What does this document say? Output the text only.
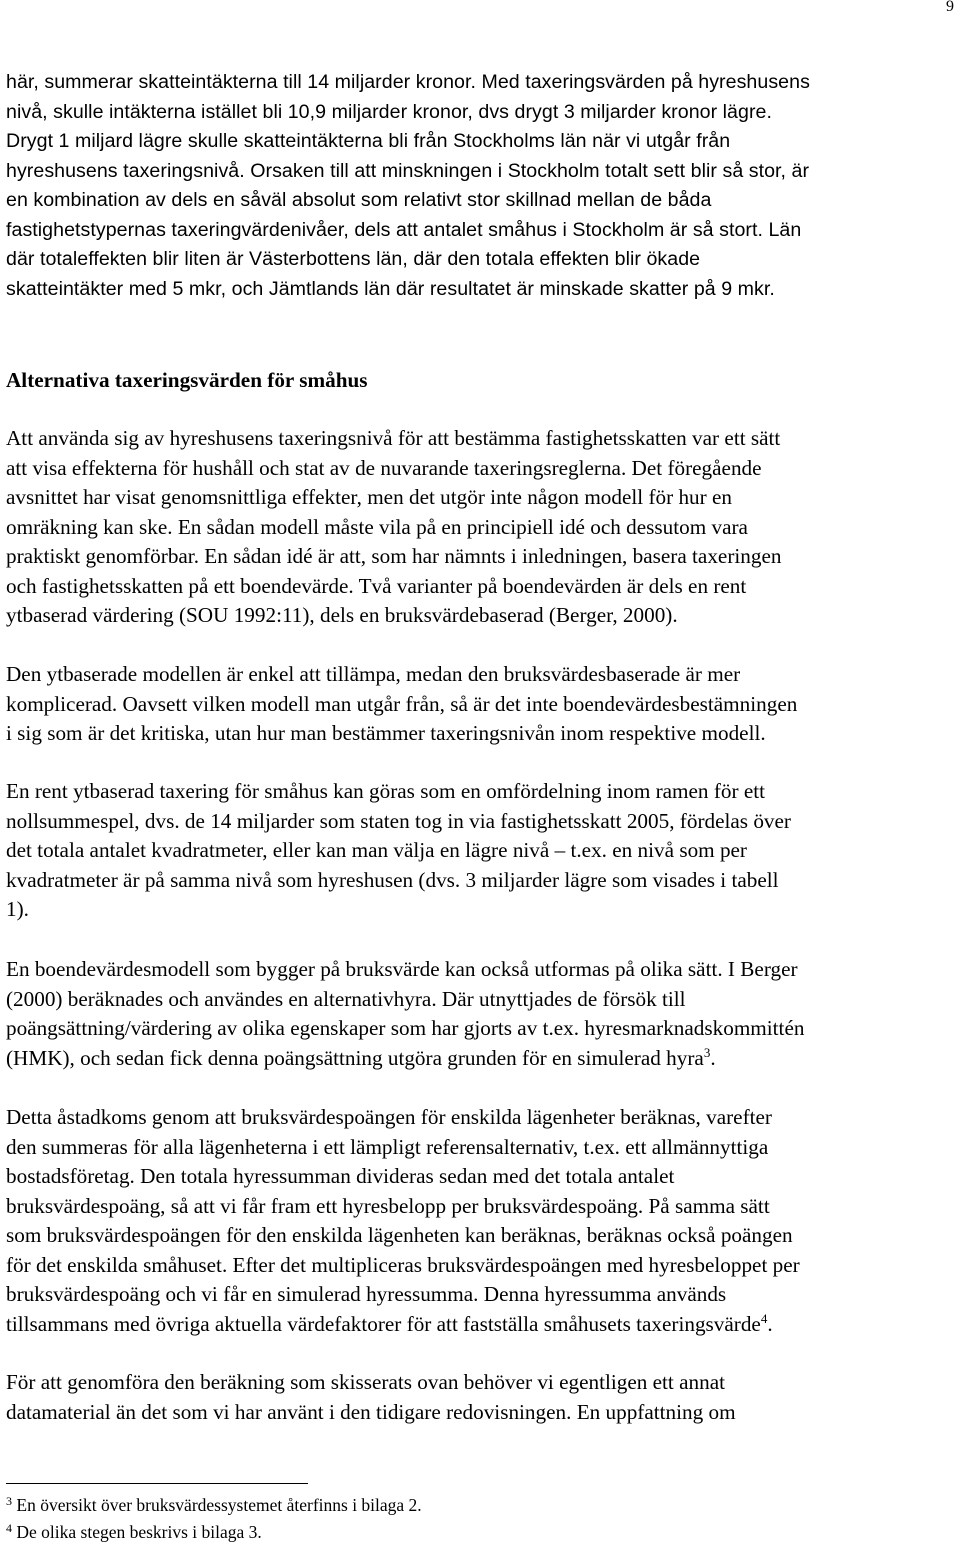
9
här, summerar skatteintäkterna till 14 miljarder kronor. Med taxeringsvärden på hyreshusens
nivå, skulle intäkterna istället bli 10,9 miljarder kronor, dvs drygt 3 miljarder kronor lägre.
Drygt 1 miljard lägre skulle skatteintäkterna bli från Stockholms län när vi utgår från
hyreshusens taxeringsnivå. Orsaken till att minskningen i Stockholm totalt sett blir så stor, är
en kombination av dels en såväl absolut som relativt stor skillnad mellan de båda
fastighetstypernas taxeringvärdenivåer, dels att antalet småhus i Stockholm är så stort. Län
där totaleffekten blir liten är Västerbottens län, där den totala effekten blir ökade
skatteintäkter med 5 mkr, och Jämtlands län där resultatet är minskade skatter på 9 mkr.
Alternativa taxeringsvärden för småhus
Att använda sig av hyreshusens taxeringsnivå för att bestämma fastighetsskatten var ett sätt
att visa effekterna för hushåll och stat av de nuvarande taxeringsreglerna. Det föregående
avsnittet har visat genomsnittliga effekter, men det utgör inte någon modell för hur en
omräkning kan ske. En sådan modell måste vila på en principiell idé och dessutom vara
praktiskt genomförbar. En sådan idé är att, som har nämnts i inledningen, basera taxeringen
och fastighetsskatten på ett boendevärde. Två varianter på boendevärden är dels en rent
ytbaserad värdering (SOU 1992:11), dels en bruksvärdebaserad (Berger, 2000).
Den ytbaserade modellen är enkel att tillämpa, medan den bruksvärdesbaserade är mer
komplicerad. Oavsett vilken modell man utgår från, så är det inte boendevärdesbestämningen
i sig som är det kritiska, utan hur man bestämmer taxeringsnivån inom respektive modell.
En rent ytbaserad taxering för småhus kan göras som en omfördelning inom ramen för ett
nollsummespel, dvs. de 14 miljarder som staten tog in via fastighetsskatt 2005, fördelas över
det totala antalet kvadratmeter, eller kan man välja en lägre nivå – t.ex. en nivå som per
kvadratmeter är på samma nivå som hyreshusen (dvs. 3 miljarder lägre som visades i tabell
1).
En boendevärdesmodell som bygger på bruksvärde kan också utformas på olika sätt. I Berger
(2000) beräknades och användes en alternativhyra. Där utnyttjades de försök till
poängsättning/värdering av olika egenskaper som har gjorts av t.ex. hyresmarknadskommittén
(HMK), och sedan fick denna poängsättning utgöra grunden för en simulerad hyra$^3$.
Detta åstadkoms genom att bruksvärdespoängen för enskilda lägenheter beräknas, varefter
den summeras för alla lägenheterna i ett lämpligt referensalternativ, t.ex. ett allmännyttiga
bostadsföretag. Den totala hyressumman divideras sedan med det totala antalet
bruksvärdespoäng, så att vi får fram ett hyresbelopp per bruksvärdespoäng. På samma sätt
som bruksvärdespoängen för den enskilda lägenheten kan beräknas, beräknas också poängen
för det enskilda småhuset. Efter det multipliceras bruksvärdespoängen med hyresbeloppet per
bruksvärdespoäng och vi får en simulerad hyressumma. Denna hyressumma används
tillsammans med övriga aktuella värdefaktorer för att fastställa småhusets taxeringsvärde$^4$.
För att genomföra den beräkning som skisserats ovan behöver vi egentligen ett annat
datamaterial än det som vi har använt i den tidigare redovisningen. En uppfattning om
$^3$ En översikt över bruksvärdessystemet återfinns i bilaga 2.
$^4$ De olika stegen beskrivs i bilaga 3.
